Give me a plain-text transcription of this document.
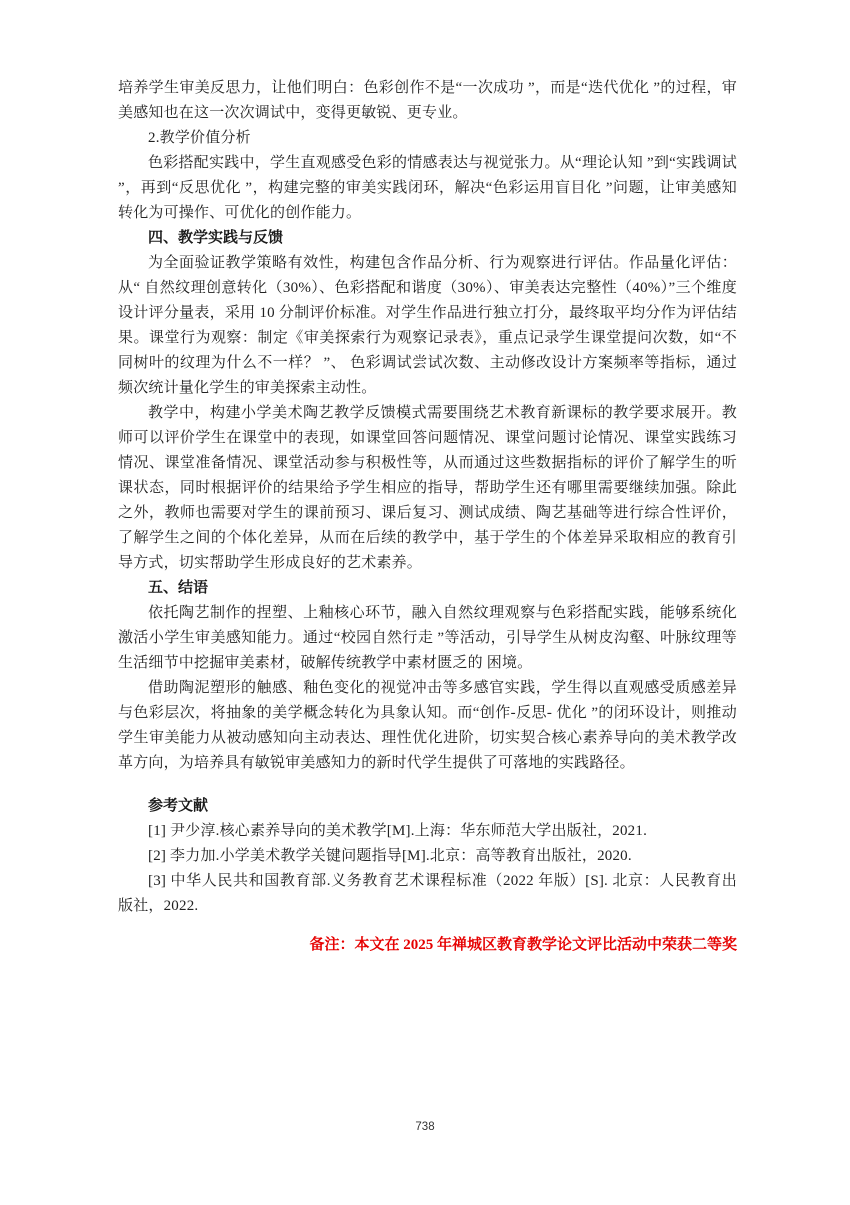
培养学生审美反思力，让他们明白：色彩创作不是“一次成功 ”，而是“迭代优化 ”的过程，审美感知也在这一次次调试中，变得更敏锐、更专业。

2.教学价值分析

色彩搭配实践中，学生直观感受色彩的情感表达与视觉张力。从“理论认知 ”到“实践调试 ”，再到“反思优化 ”，构建完整的审美实践闭环，解决“色彩运用盲目化 ”问题，让审美感知转化为可操作、可优化的创作能力。

四、教学实践与反馈

为全面验证教学策略有效性，构建包含作品分析、行为观察进行评估。作品量化评估：从“ 自然纹理创意转化（30%）、色彩搭配和谐度（30%）、审美表达完整性（40%）”三个维度设计评分量表，采用 10 分制评价标准。对学生作品进行独立打分，最终取平均分作为评估结果。课堂行为观察：制定《审美探索行为观察记录表》，重点记录学生课堂提问次数，如“不同树叶的纹理为什么不一样？ ”、 色彩调试尝试次数、主动修改设计方案频率等指标，通过频次统计量化学生的审美探索主动性。

教学中，构建小学美术陶艺教学反馈模式需要围绕艺术教育新课标的教学要求展开。教师可以评价学生在课堂中的表现，如课堂回答问题情况、课堂问题讨论情况、课堂实践练习情况、课堂准备情况、课堂活动参与积极性等，从而通过这些数据指标的评价了解学生的听课状态，同时根据评价的结果给予学生相应的指导，帮助学生还有哪里需要继续加强。除此之外，教师也需要对学生的课前预习、课后复习、测试成绩、陶艺基础等进行综合性评价，了解学生之间的个体化差异，从而在后续的教学中，基于学生的个体差异采取相应的教育引导方式，切实帮助学生形成良好的艺术素养。

五、结语

依托陶艺制作的捏塑、上釉核心环节，融入自然纹理观察与色彩搭配实践，能够系统化激活小学生审美感知能力。通过“校园自然行走 ”等活动，引导学生从树皮沟壑、叶脉纹理等生活细节中挖掘审美素材，破解传统教学中素材匮乏的 困境。

借助陶泥塑形的触感、釉色变化的视觉冲击等多感官实践，学生得以直观感受质感差异与色彩层次，将抽象的美学概念转化为具象认知。而“创作-反思- 优化 ”的闭环设计，则推动学生审美能力从被动感知向主动表达、理性优化进阶，切实契合核心素养导向的美术教学改革方向，为培养具有敏锐审美感知力的新时代学生提供了可落地的实践路径。

参考文献

[1] 尹少淳.核心素养导向的美术教学[M].上海：华东师范大学出版社，2021.

[2] 李力加.小学美术教学关键问题指导[M].北京：高等教育出版社，2020.

[3] 中华人民共和国教育部.义务教育艺术课程标准（2022 年版）[S]. 北京：人民教育出版社，2022.

备注：本文在 2025 年禅城区教育教学论文评比活动中荣获二等奖

738
